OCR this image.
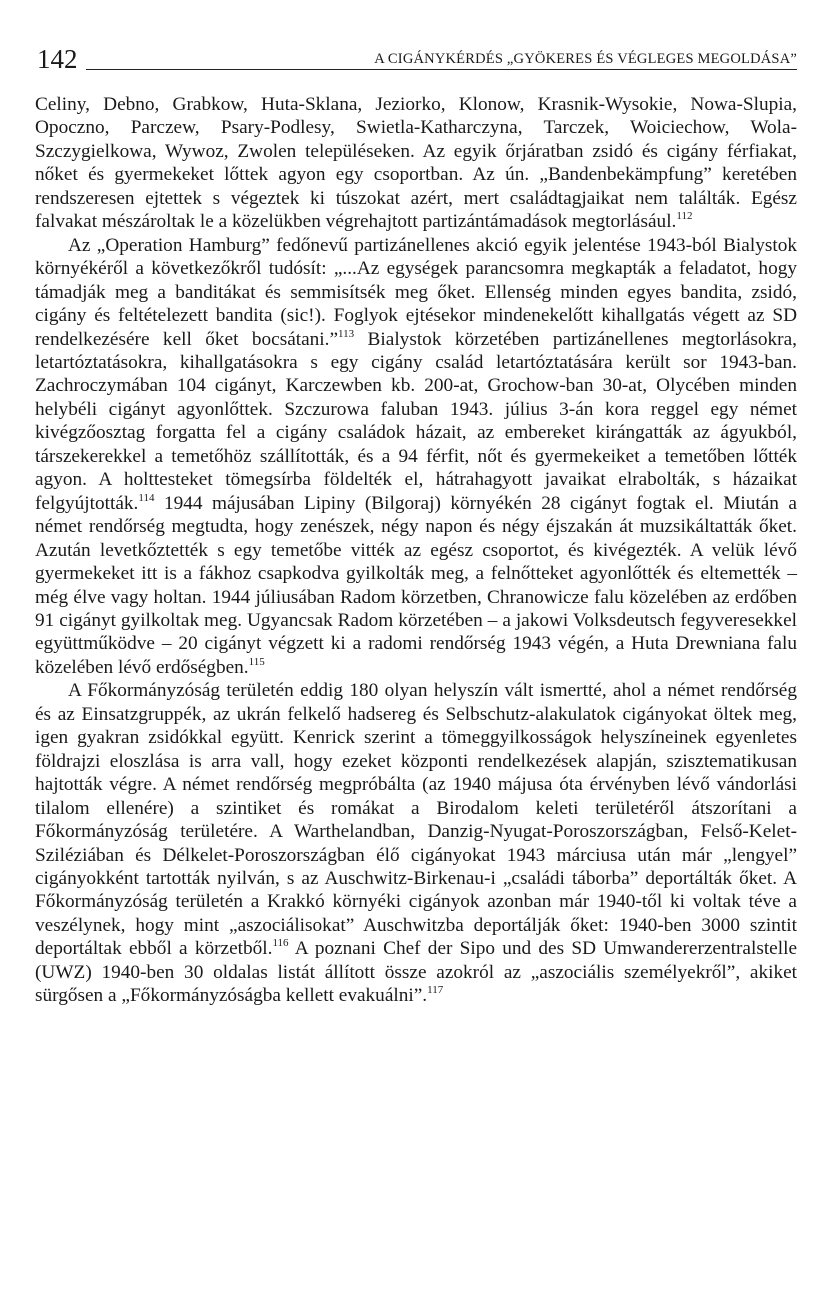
142	A CIGÁNYKÉRDÉS „GYÖKERES ÉS VÉGLEGES MEGOLDÁSA”

Celiny, Debno, Grabkow, Huta-Sklana, Jeziorko, Klonow, Krasnik-Wysokie, Nowa-Slupia, Opoczno, Parczew, Psary-Podlesy, Swietla-Katharczyna, Tarczek, Woiciechow, Wola-Szczygielkowa, Wywoz, Zwolen településeken. Az egyik őrjáratban zsidó és cigány férfiakat, nőket és gyermekeket lőttek agyon egy csoportban. Az ún. „Bandenbekämpfung” keretében rendszeresen ejtettek s végeztek ki túszokat azért, mert családtagjaikat nem találták. Egész falvakat mészároltak le a közelükben végrehajtott partizántámadások megtorlásául.$^{112}$

Az „Operation Hamburg” fedőnevű partizánellenes akció egyik jelentése 1943-ból Bialystok környékéről a következőkről tudósít: „...Az egységek parancsomra megkapták a feladatot, hogy támadják meg a banditákat és semmisítsék meg őket. Ellenség minden egyes bandita, zsidó, cigány és feltételezett bandita (sic!). Foglyok ejtésekor mindenekelőtt kihallgatás végett az SD rendelkezésére kell őket bocsátani.”$^{113}$ Bialystok körzetében partizánellenes megtorlásokra, letartóztatásokra, kihallgatásokra s egy cigány család letartóztatására került sor 1943-ban. Zachroczymában 104 cigányt, Karczewben kb. 200-at, Grochow-ban 30-at, Olycében minden helybéli cigányt agyonlőttek. Szczurowa faluban 1943. július 3-án kora reggel egy német kivégzőosztag forgatta fel a cigány családok házait, az embereket kirángatták az ágyukból, társzekerekkel a temetőhöz szállították, és a 94 férfit, nőt és gyermekeiket a temetőben lőtték agyon. A holttesteket tömegsírba földelték el, hátrahagyott javaikat elrabolták, s házaikat felgyújtották.$^{114}$ 1944 májusában Lipiny (Bilgoraj) környékén 28 cigányt fogtak el. Miután a német rendőrség megtudta, hogy zenészek, négy napon és négy éjszakán át muzsikáltatták őket. Azután levetkőztették s egy temetőbe vitték az egész csoportot, és kivégezték. A velük lévő gyermekeket itt is a fákhoz csapkodva gyilkolták meg, a felnőtteket agyonlőtték és eltemették – még élve vagy holtan. 1944 júliusában Radom körzetben, Chranowicze falu közelében az erdőben 91 cigányt gyilkoltak meg. Ugyancsak Radom körzetében – a jakowi Volksdeutsch fegyveresekkel együttműködve – 20 cigányt végzett ki a radomi rendőrség 1943 végén, a Huta Drewniana falu közelében lévő erdőségben.$^{115}$

A Főkormányzóság területén eddig 180 olyan helyszín vált ismertté, ahol a német rendőrség és az Einsatzgruppék, az ukrán felkelő hadsereg és Selbschutz-alakulatok cigányokat öltek meg, igen gyakran zsidókkal együtt. Kenrick szerint a tömeggyilkosságok helyszíneinek egyenletes földrajzi eloszlása is arra vall, hogy ezeket központi rendelkezések alapján, szisztematikusan hajtották végre. A német rendőrség megpróbálta (az 1940 májusa óta érvényben lévő vándorlási tilalom ellenére) a szintiket és romákat a Birodalom keleti területéről átszorítani a Főkormányzóság területére. A Warthelandban, Danzig-Nyugat-Poroszországban, Felső-Kelet-Sziléziában és Délkelet-Poroszországban élő cigányokat 1943 márciusa után már „lengyel” cigányokként tartották nyilván, s az Auschwitz-Birkenau-i „családi táborba” deportálták őket. A Főkormányzóság területén a Krakkó környéki cigányok azonban már 1940-től ki voltak téve a veszélynek, hogy mint „aszociálisokat” Auschwitzba deportálják őket: 1940-ben 3000 szintit deportáltak ebből a körzetből.$^{116}$ A poznani Chef der Sipo und des SD Umwandererzentralstelle (UWZ) 1940-ben 30 oldalas listát állított össze azokról az „aszociális személyekről”, akiket sürgősen a „Főkormányzóságba kellett evakuálni”.$^{117}$
